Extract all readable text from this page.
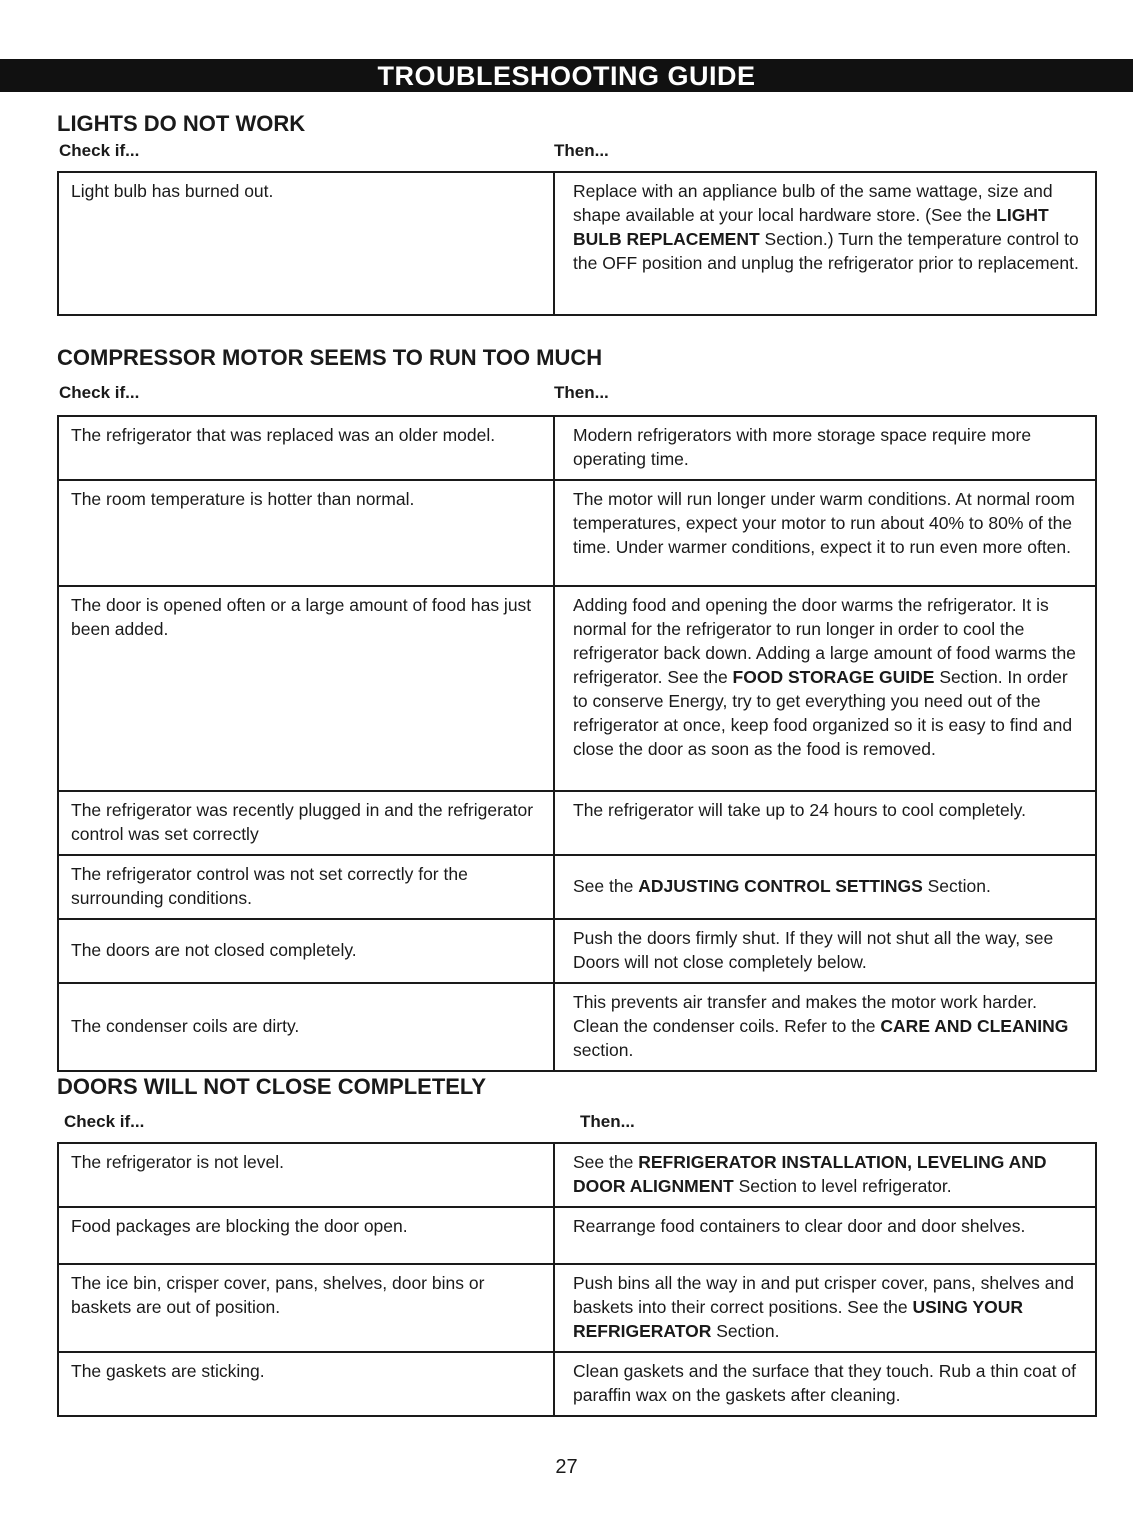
TROUBLESHOOTING GUIDE
LIGHTS DO NOT WORK
Check if...	Then...
Light bulb has burned out.	Replace with an appliance bulb of the same wattage, size and shape available at your local hardware store. (See the LIGHT BULB REPLACEMENT Section.) Turn the temperature control to the OFF position and unplug the refrigerator prior to replacement.
COMPRESSOR MOTOR SEEMS TO RUN TOO MUCH
Check if...	Then...
The refrigerator that was replaced was an older model.	Modern refrigerators with more storage space require more operating time.
The room temperature is hotter than normal.	The motor will run longer under warm conditions. At normal room temperatures, expect your motor to run about 40% to 80% of the time. Under warmer conditions, expect it to run even more often.
The door is opened often or a large amount of food has just been added.	Adding food and opening the door warms the refrigerator. It is normal for the refrigerator to run longer in order to cool the refrigerator back down. Adding a large amount of food warms the refrigerator. See the FOOD STORAGE GUIDE Section. In order to conserve Energy, try to get everything you need out of the refrigerator at once, keep food organized so it is easy to find and close the door as soon as the food is removed.
The refrigerator was recently plugged in and the refrigerator control was set correctly	The refrigerator will take up to 24 hours to cool completely.
The refrigerator control was not set correctly for the surrounding conditions.	See the ADJUSTING CONTROL SETTINGS Section.
The doors are not closed completely.	Push the doors firmly shut. If they will not shut all the way, see Doors will not close completely below.
The condenser coils are dirty.	This prevents air transfer and makes the motor work harder. Clean the condenser coils. Refer to the CARE AND CLEANING section.
DOORS WILL NOT CLOSE COMPLETELY
Check if...	Then...
The refrigerator is not level.	See the REFRIGERATOR INSTALLATION, LEVELING AND DOOR ALIGNMENT Section to level refrigerator.
Food packages are blocking the door open.	Rearrange food containers to clear door and door shelves.
The ice bin, crisper cover, pans, shelves, door bins or baskets are out of position.	Push bins all the way in and put crisper cover, pans, shelves and baskets into their correct positions. See the USING YOUR REFRIGERATOR Section.
The gaskets are sticking.	Clean gaskets and the surface that they touch. Rub a thin coat of paraffin wax on the gaskets after cleaning.
27
